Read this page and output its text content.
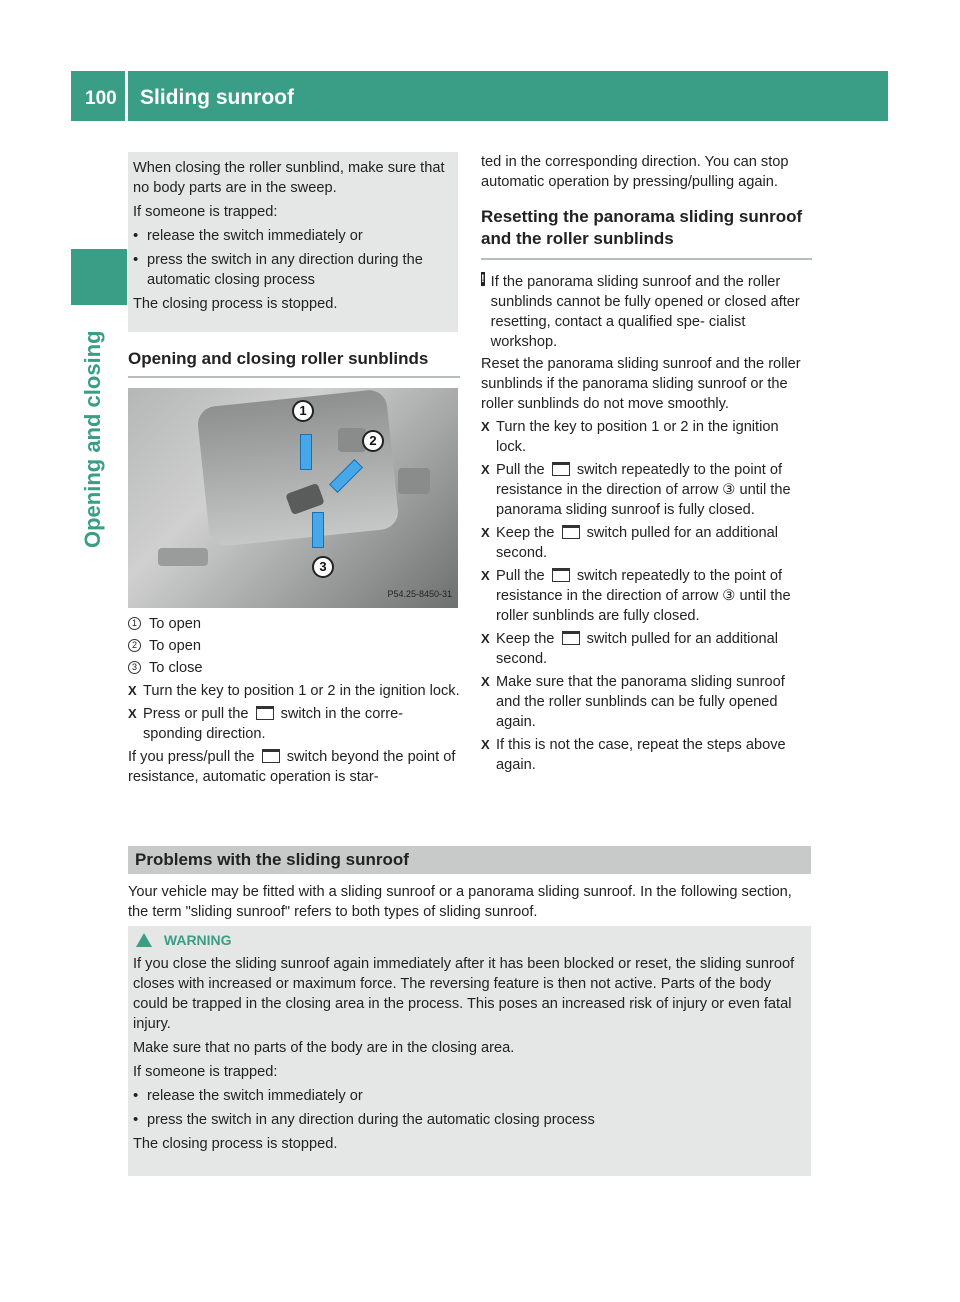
100 Sliding sunroof
Opening and closing

When closing the roller sunblind, make sure that no body parts are in the sweep.

If someone is trapped:

• release the switch immediately or
• press the switch in any direction during the automatic closing process

The closing process is stopped.

Opening and closing roller sunblinds
1
2
3
P54.25-8450-31
1 To open
2 To open
3 To close
X Turn the key to position 1 or 2 in the ignition lock.
X Press or pull the switch in the corre- sponding direction.

If you press/pull the switch beyond the point of resistance, automatic operation is star-

ted in the corresponding direction. You can stop automatic operation by pressing/pulling again.

Resetting the panorama sliding sunroof and the roller sunblinds
! If the panorama sliding sunroof and the roller sunblinds cannot be fully opened or closed after resetting, contact a qualified spe- cialist workshop.

Reset the panorama sliding sunroof and the roller sunblinds if the panorama sliding sunroof or the roller sunblinds do not move smoothly.

X Turn the key to position 1 or 2 in the ignition lock.
X Pull the switch repeatedly to the point of resistance in the direction of arrow ③ until the panorama sliding sunroof is fully closed.
X Keep the switch pulled for an additional second.
X Pull the switch repeatedly to the point of resistance in the direction of arrow ③ until the roller sunblinds are fully closed.
X Keep the switch pulled for an additional second.
X Make sure that the panorama sliding sunroof and the roller sunblinds can be fully opened again.
X If this is not the case, repeat the steps above again.
Problems with the sliding sunroof

Your vehicle may be fitted with a sliding sunroof or a panorama sliding sunroof. In the following section, the term "sliding sunroof" refers to both types of sliding sunroof.

WARNING

If you close the sliding sunroof again immediately after it has been blocked or reset, the sliding sunroof closes with increased or maximum force. The reversing feature is then not active. Parts of the body could be trapped in the closing area in the process. This poses an increased risk of injury or even fatal injury.

Make sure that no parts of the body are in the closing area.

If someone is trapped:

• release the switch immediately or
• press the switch in any direction during the automatic closing process

The closing process is stopped.
